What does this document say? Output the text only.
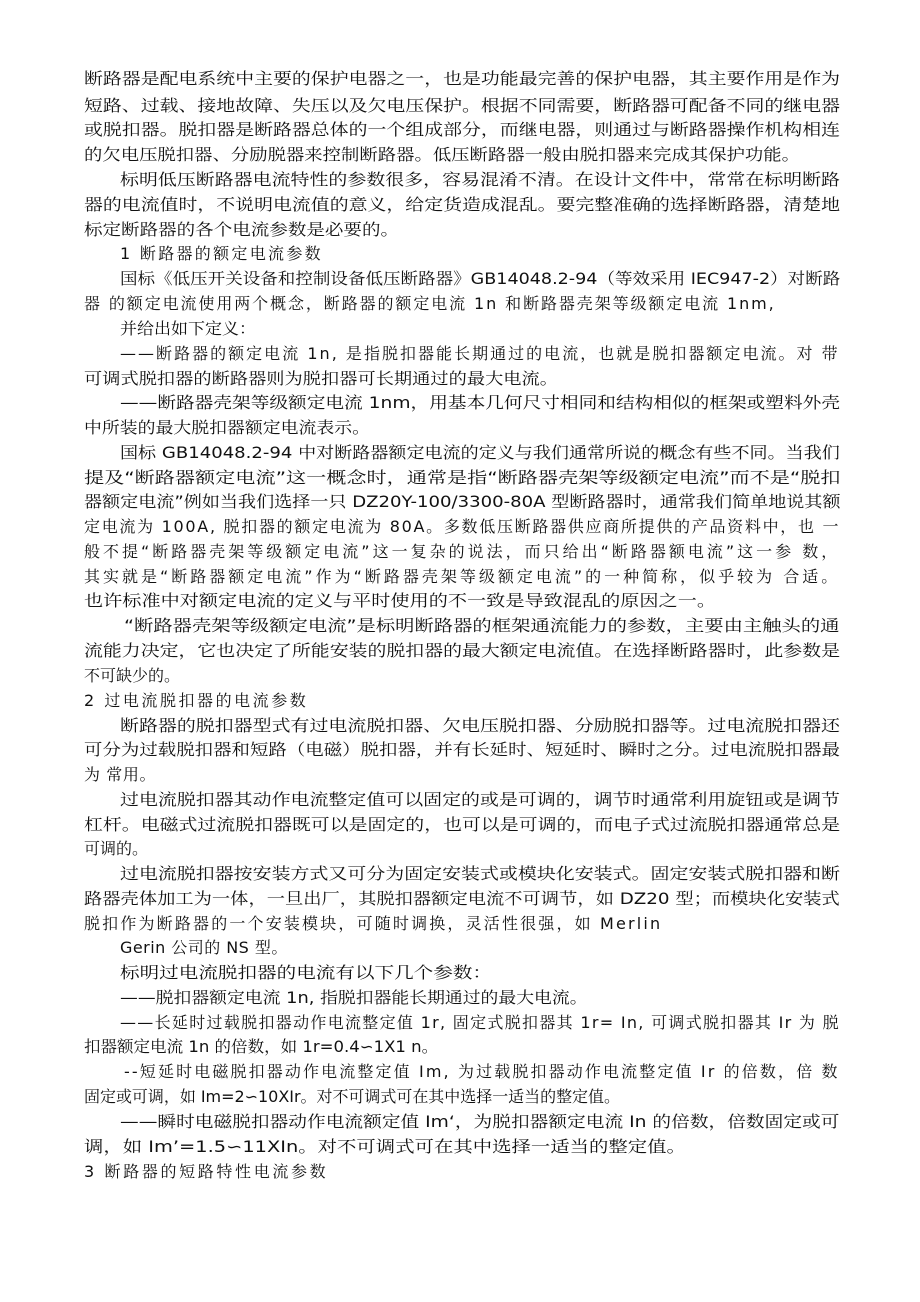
断路器是配电系统中主要的保护电器之一，也是功能最完善的保护电器，其主要作用是作为
短路、过载、接地故障、失压以及欠电压保护。根据不同需要，断路器可配备不同的继电器
或脱扣器。脱扣器是断路器总体的一个组成部分，而继电器，则通过与断路器操作机构相连
的欠电压脱扣器、分励脱器来控制断路器。低压断路器一般由脱扣器来完成其保护功能。
标明低压断路器电流特性的参数很多，容易混淆不清。在设计文件中，常常在标明断路
器的电流值时，不说明电流值的意义，给定货造成混乱。要完整准确的选择断路器，清楚地
标定断路器的各个电流参数是必要的。
1 断路器的额定电流参数
国标《低压开关设备和控制设备低压断路器》GB14048.2-94（等效采用 IEC947-2）对断路
器 的额定电流使用两个概念，断路器的额定电流 1n 和断路器壳架等级额定电流 1nm,
并给出如下定义：
——断路器的额定电流 1n, 是指脱扣器能长期通过的电流，也就是脱扣器额定电流。对 带
可调式脱扣器的断路器则为脱扣器可长期通过的最大电流。
——断路器壳架等级额定电流 1nm，用基本几何尺寸相同和结构相似的框架或塑料外壳
中所装的最大脱扣器额定电流表示。
国标 GB14048.2-94 中对断路器额定电流的定义与我们通常所说的概念有些不同。当我们
提及“断路器额定电流”这一概念时，通常是指“断路器壳架等级额定电流”而不是“脱扣
器额定电流”例如当我们选择一只 DZ20Y-100/3300-80A 型断路器时，通常我们简单地说其额
定电流为 100A, 脱扣器的额定电流为 80A。多数低压断路器供应商所提供的产品资料中，也 一
般不提“断路器壳架等级额定电流”这一复杂的说法，而只给出“断路器额电流”这一参 数，
其实就是“断路器额定电流”作为“断路器壳架等级额定电流”的一种简称，似乎较为 合适。
也许标准中对额定电流的定义与平时使用的不一致是导致混乱的原因之一。
“断路器壳架等级额定电流”是标明断路器的框架通流能力的参数，主要由主触头的通
流能力决定，它也决定了所能安装的脱扣器的最大额定电流值。在选择断路器时，此参数是
不可缺少的。
2 过电流脱扣器的电流参数
断路器的脱扣器型式有过电流脱扣器、欠电压脱扣器、分励脱扣器等。过电流脱扣器还
可分为过载脱扣器和短路（电磁）脱扣器，并有长延时、短延时、瞬时之分。过电流脱扣器最
为 常用。
过电流脱扣器其动作电流整定值可以固定的或是可调的，调节时通常利用旋钮或是调节
杠杆。电磁式过流脱扣器既可以是固定的，也可以是可调的，而电子式过流脱扣器通常总是
可调的。
过电流脱扣器按安装方式又可分为固定安装式或模块化安装式。固定安装式脱扣器和断
路器壳体加工为一体，一旦出厂，其脱扣器额定电流不可调节，如 DZ20 型；而模块化安装式
脱扣作为断路器的一个安装模块，可随时调换，灵活性很强，如 Merlin
Gerin 公司的 NS 型。
标明过电流脱扣器的电流有以下几个参数：
——脱扣器额定电流 1n, 指脱扣器能长期通过的最大电流。
——长延时过载脱扣器动作电流整定值 1r, 固定式脱扣器其 1r= In, 可调式脱扣器其 Ir 为 脱
扣器额定电流 1n 的倍数，如 1r=0.4∽1X1 n。
--短延时电磁脱扣器动作电流整定值 Im, 为过载脱扣器动作电流整定值 Ir 的倍数，倍 数
固定或可调，如 Im=2∽10XIr。对不可调式可在其中选择一适当的整定值。
——瞬时电磁脱扣器动作电流额定值 Im‘，为脱扣器额定电流 In 的倍数，倍数固定或可
调，如 Im’=1.5∽11XIn。对不可调式可在其中选择一适当的整定值。
3 断路器的短路特性电流参数
